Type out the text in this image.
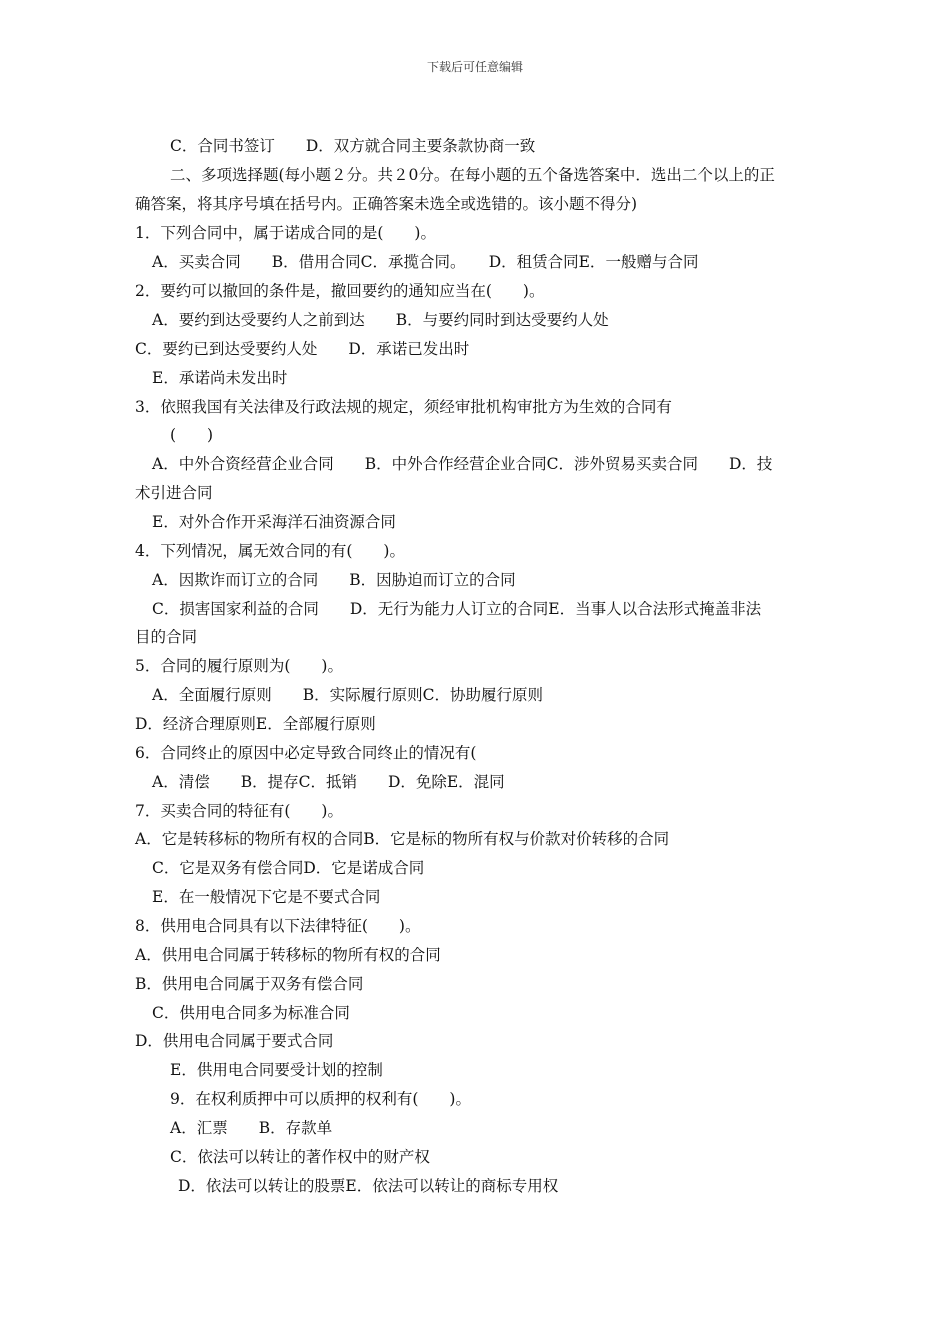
下载后可任意编辑
C．合同书签订　　D．双方就合同主要条款协商一致
二、多项选择题(每小题２分。共２0分。在每小题的五个备选答案中．选出二个以上的正
确答案，将其序号填在括号内。正确答案未选全或选错的。该小题不得分)
1．下列合同中，属于诺成合同的是(　　)。
A．买卖合同　　B．借用合同C．承揽合同。　　D．租赁合同E．一般赠与合同
2．要约可以撤回的条件是，撤回要约的通知应当在(　　)。
A．要约到达受要约人之前到达　　B．与要约同时到达受要约人处
C．要约已到达受要约人处　　D．承诺已发出时
E．承诺尚未发出时
3．依照我国有关法律及行政法规的规定，须经审批机构审批方为生效的合同有
(　　)
A．中外合资经营企业合同　　B．中外合作经营企业合同C．涉外贸易买卖合同　　D．技
术引进合同
E．对外合作开采海洋石油资源合同
4．下列情况，属无效合同的有(　　)。
A．因欺诈而订立的合同　　B．因胁迫而订立的合同
C．损害国家利益的合同　　D．无行为能力人订立的合同E．当事人以合法形式掩盖非法
目的合同
5．合同的履行原则为(　　)。
A．全面履行原则　　B．实际履行原则C．协助履行原则
D．经济合理原则E．全部履行原则
6．合同终止的原因中必定导致合同终止的情况有(
A．清偿　　B．提存C．抵销　　D．免除E．混同
7．买卖合同的特征有(　　)。
A．它是转移标的物所有权的合同B．它是标的物所有权与价款对价转移的合同
C．它是双务有偿合同D．它是诺成合同
E．在一般情况下它是不要式合同
8．供用电合同具有以下法律特征(　　)。
A．供用电合同属于转移标的物所有权的合同
B．供用电合同属于双务有偿合同
C．供用电合同多为标准合同
D．供用电合同属于要式合同
E．供用电合同要受计划的控制
9．在权利质押中可以质押的权利有(　　)。
A．汇票　　B．存款单
C．依法可以转让的著作权中的财产权
D．依法可以转让的股票E．依法可以转让的商标专用权
